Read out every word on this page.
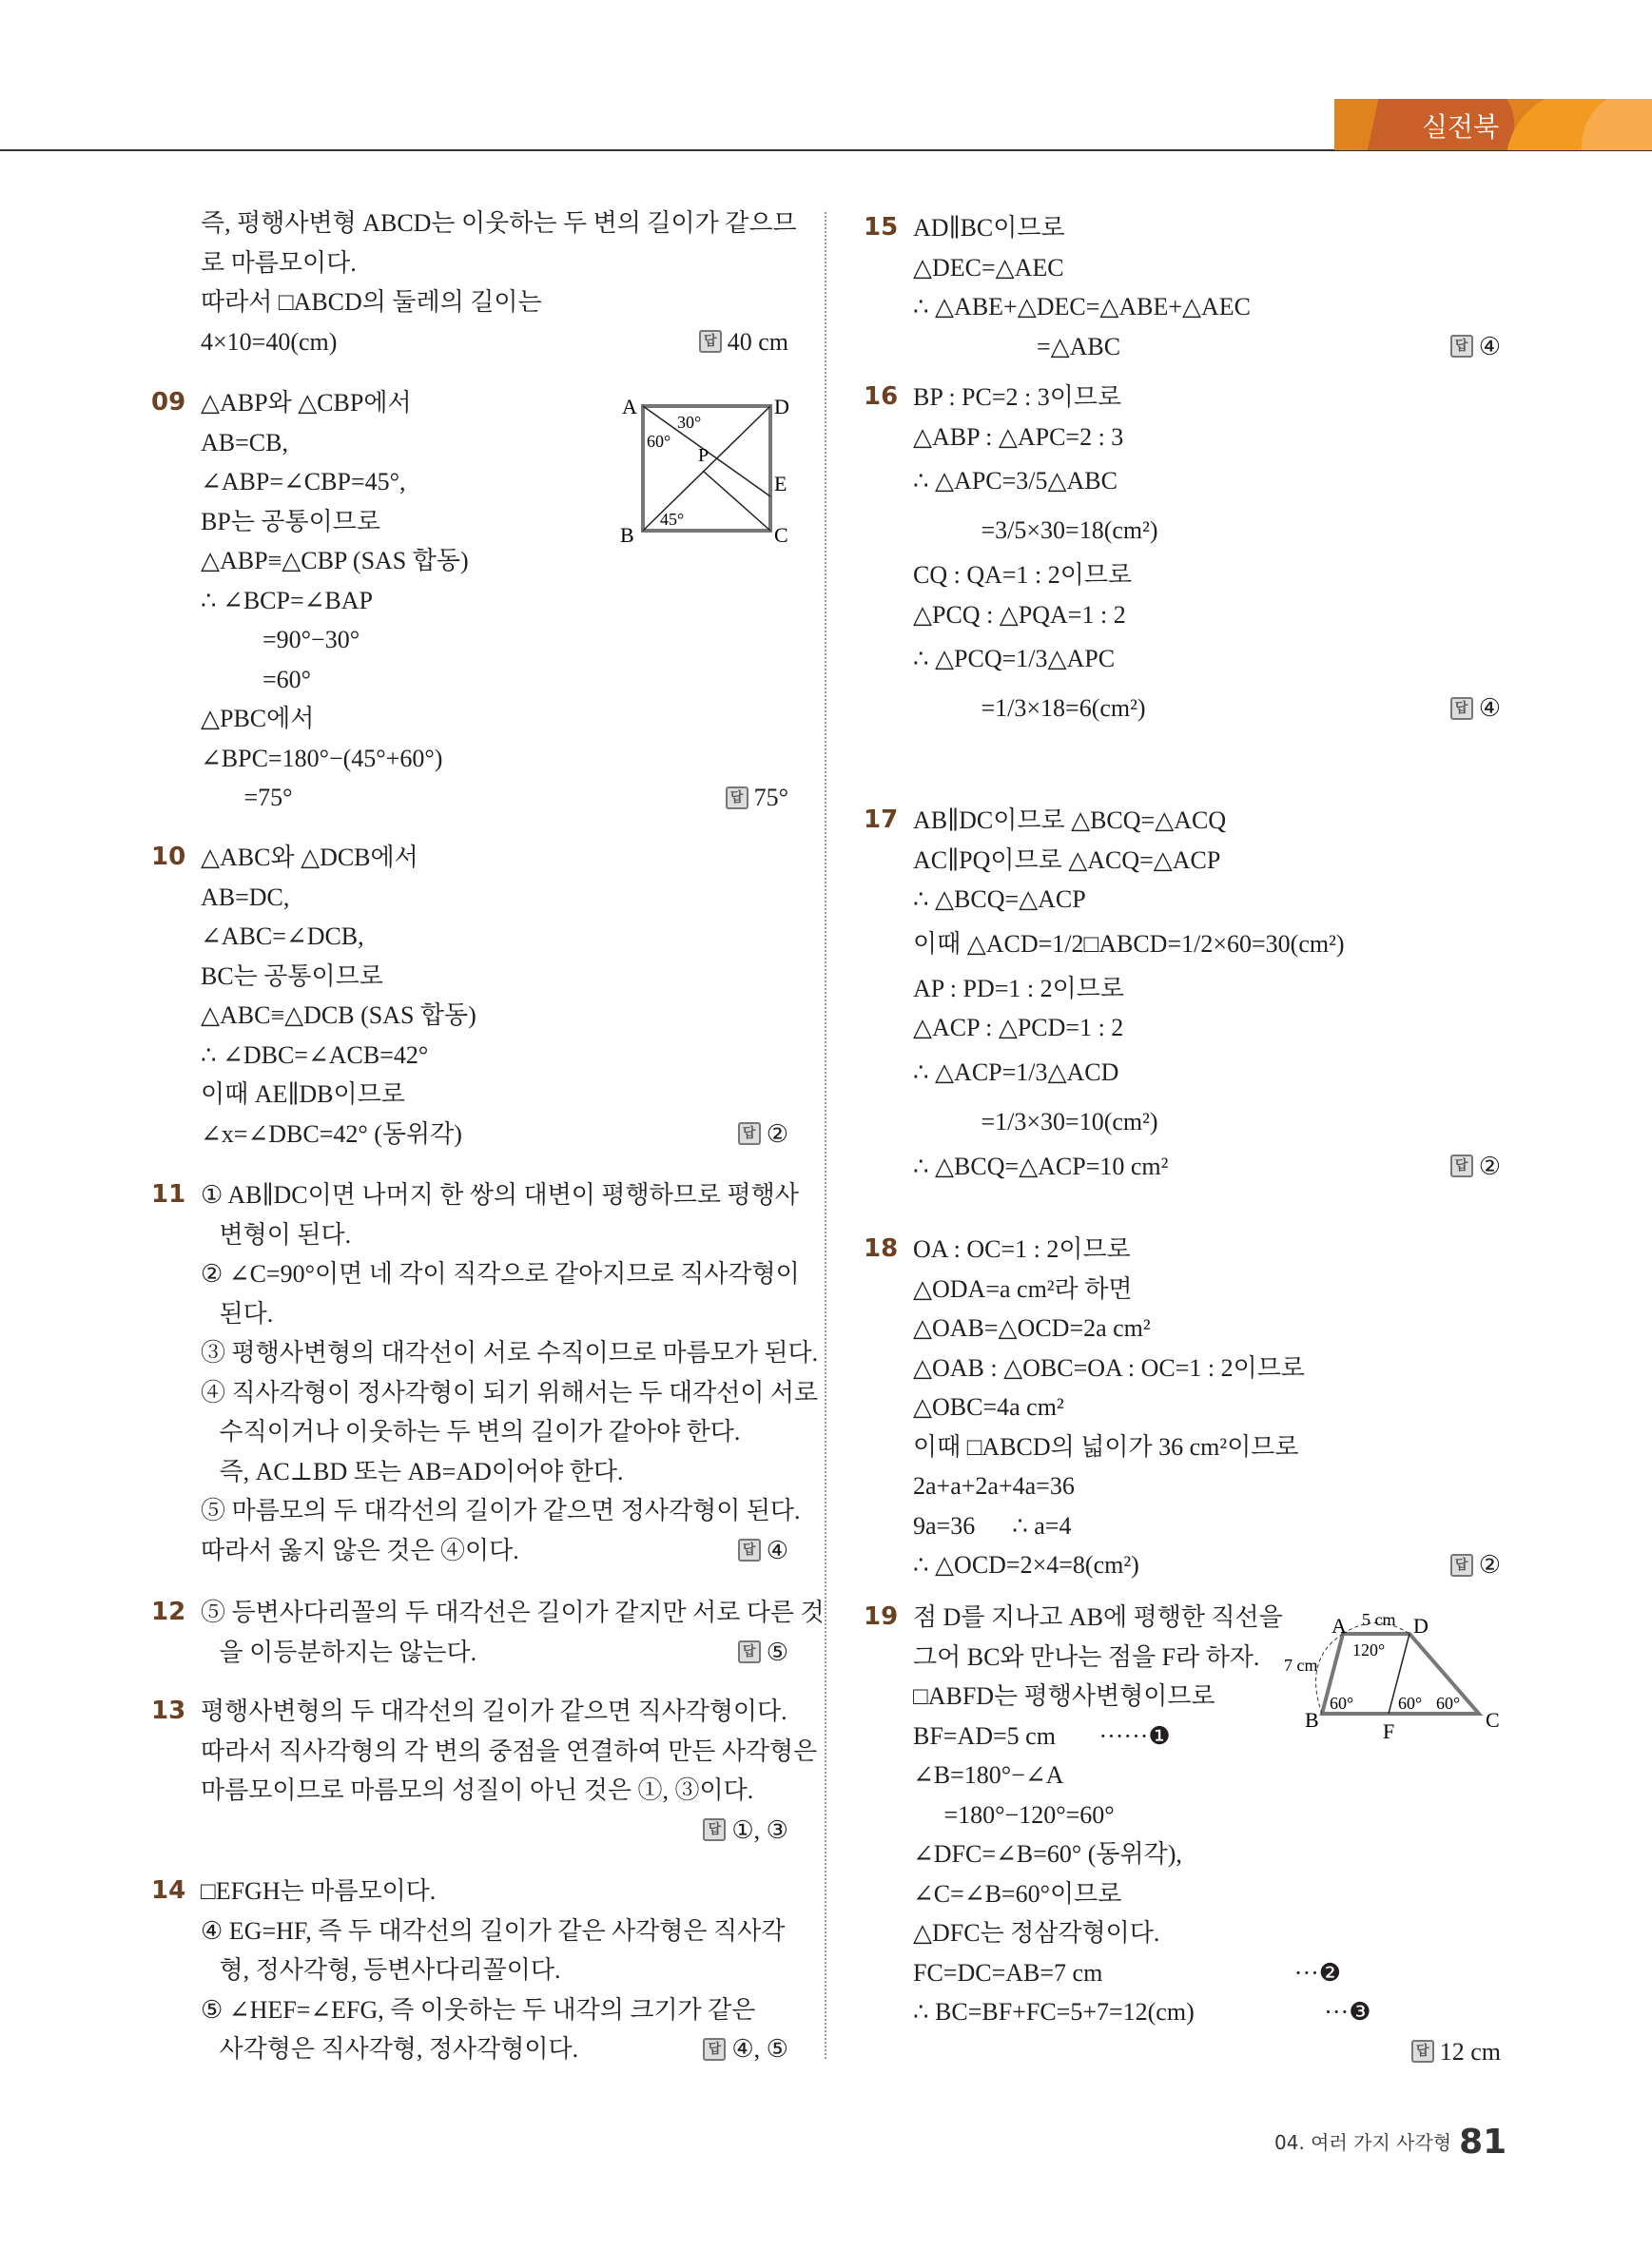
실전북
즉, 평행사변형 ABCD는 이웃하는 두 변의 길이가 같으므
로 마름모이다.
따라서 □ABCD의 둘레의 길이는
4×10=40(cm)	답 40 cm
09 △ABP와 △CBP에서
AB=CB,
∠ABP=∠CBP=45°,
BP는 공통이므로
△ABP≡△CBP (SAS 합동)
∴ ∠BCP=∠BAP
=90°−30°
=60°
△PBC에서
∠BPC=180°−(45°+60°)
=75°	답 75°
10 △ABC와 △DCB에서
AB=DC,
∠ABC=∠DCB,
BC는 공통이므로
△ABC≡△DCB (SAS 합동)
∴ ∠DBC=∠ACB=42°
이때 AE∥DB이므로
∠x=∠DBC=42° (동위각)	답 ②
11 ① AB∥DC이면 나머지 한 쌍의 대변이 평행하므로 평행사
변형이 된다.
② ∠C=90°이면 네 각이 직각으로 같아지므로 직사각형이
된다.
③ 평행사변형의 대각선이 서로 수직이므로 마름모가 된다.
④ 직사각형이 정사각형이 되기 위해서는 두 대각선이 서로
수직이거나 이웃하는 두 변의 길이가 같아야 한다.
즉, AC⊥BD 또는 AB=AD이어야 한다.
⑤ 마름모의 두 대각선의 길이가 같으면 정사각형이 된다.
따라서 옳지 않은 것은 ④이다.	답 ④
12 ⑤ 등변사다리꼴의 두 대각선은 길이가 같지만 서로 다른 것
을 이등분하지는 않는다.	답 ⑤
13 평행사변형의 두 대각선의 길이가 같으면 직사각형이다.
따라서 직사각형의 각 변의 중점을 연결하여 만든 사각형은
마름모이므로 마름모의 성질이 아닌 것은 ①, ③이다.
답 ①, ③
14 □EFGH는 마름모이다.
④ EG=HF, 즉 두 대각선의 길이가 같은 사각형은 직사각
형, 정사각형, 등변사다리꼴이다.
⑤ ∠HEF=∠EFG, 즉 이웃하는 두 내각의 크기가 같은
사각형은 직사각형, 정사각형이다.	답 ④, ⑤
15 AD∥BC이므로
△DEC=△AEC
∴ △ABE+△DEC=△ABE+△AEC
=△ABC	답 ④
16 BP : PC=2 : 3이므로
△ABP : △APC=2 : 3
∴ △APC=3/5△ABC
=3/5×30=18(cm²)
CQ : QA=1 : 2이므로
△PCQ : △PQA=1 : 2
∴ △PCQ=1/3△APC
=1/3×18=6(cm²)	답 ④
17 AB∥DC이므로 △BCQ=△ACQ
AC∥PQ이므로 △ACQ=△ACP
∴ △BCQ=△ACP
이때 △ACD=1/2□ABCD=1/2×60=30(cm²)
AP : PD=1 : 2이므로
△ACP : △PCD=1 : 2
∴ △ACP=1/3△ACD
=1/3×30=10(cm²)
∴ △BCQ=△ACP=10 cm²	답 ②
18 OA : OC=1 : 2이므로
△ODA=a cm²라 하면
△OAB=△OCD=2a cm²
△OAB : △OBC=OA : OC=1 : 2이므로
△OBC=4a cm²
이때 □ABCD의 넓이가 36 cm²이므로
2a+a+2a+4a=36
9a=36      ∴ a=4
∴ △OCD=2×4=8(cm²)	답 ②
19 점 D를 지나고 AB에 평행한 직선을
그어 BC와 만나는 점을 F라 하자.
□ABFD는 평행사변형이므로
BF=AD=5 cm       ······❶
∠B=180°−∠A
=180°−120°=60°
∠DFC=∠B=60° (동위각),
∠C=∠B=60°이므로
△DFC는 정삼각형이다.
FC=DC=AB=7 cm                               ···❷
∴ BC=BF+FC=5+7=12(cm)                     ···❸
답 12 cm
A	D
B	C
E
P
30°
60°
45°
A	D
B	C
F
5 cm
7 cm
120°
60°	60° 60°
04. 여러 가지 사각형 81
